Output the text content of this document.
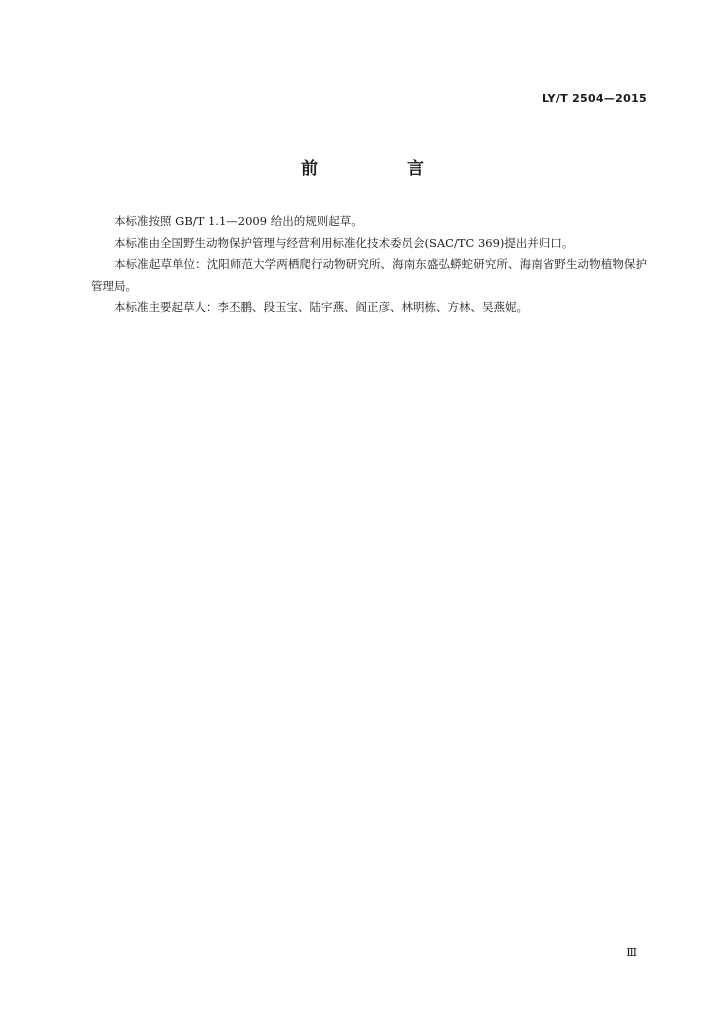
LY/T 2504—2015
前　言

本标准按照 GB/T 1.1—2009 给出的规则起草。

本标准由全国野生动物保护管理与经营利用标准化技术委员会(SAC/TC 369)提出并归口。

本标准起草单位：沈阳师范大学两栖爬行动物研究所、海南东盛弘蟒蛇研究所、海南省野生动物植物保护管理局。

本标准主要起草人：李丕鹏、段玉宝、陆宇燕、阎正彦、林明栋、方林、吴燕妮。

Ⅲ
